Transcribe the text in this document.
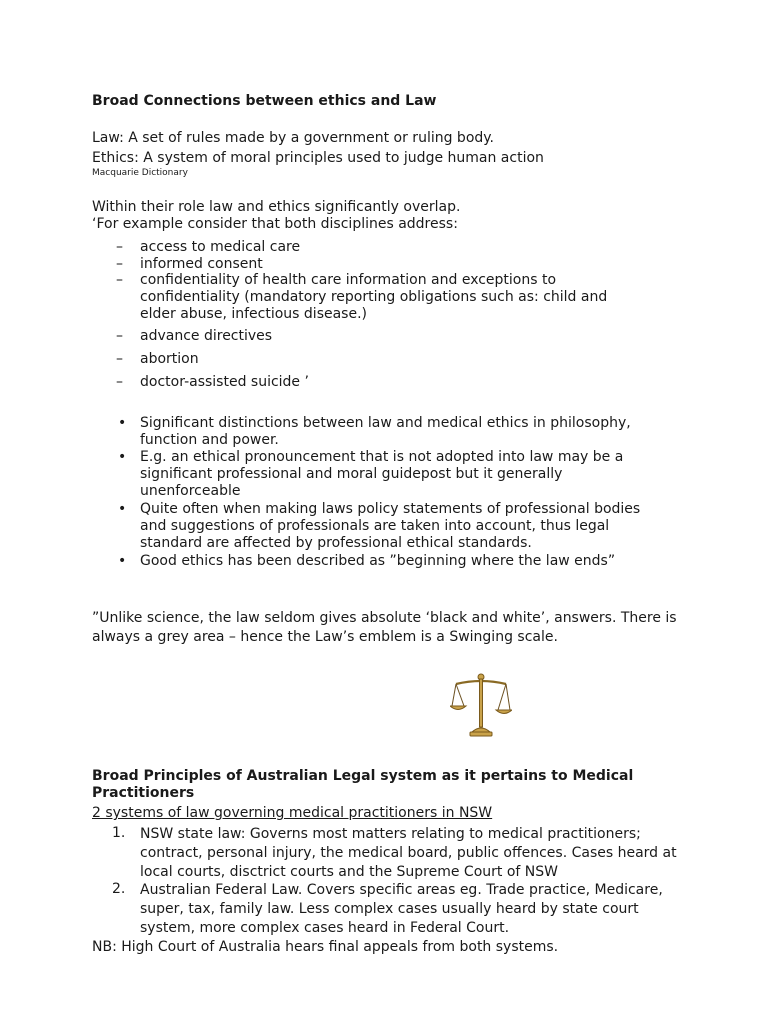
Broad Connections between ethics and Law
Law: A set of rules made by a government or ruling body.
Ethics: A system of moral principles used to judge human action
Macquarie Dictionary
Within their role law and ethics significantly overlap.
‘For example consider that both disciplines address:
– access to medical care
– informed consent
– confidentiality of health care information and exceptions to confidentiality (mandatory reporting obligations such as: child and elder abuse, infectious disease.)
– advance directives
– abortion
– doctor-assisted suicide ’
• Significant distinctions between law and medical ethics in philosophy, function and power.
• E.g. an ethical pronouncement that is not adopted into law may be a significant professional and moral guidepost but it generally unenforceable
• Quite often when making laws policy statements of professional bodies and suggestions of professionals are taken into account, thus legal standard are affected by professional ethical standards.
• Good ethics has been described as ”beginning where the law ends”
”Unlike science, the law seldom gives absolute ‘black and white’, answers. There is always a grey area – hence the Law’s emblem is a Swinging scale.
Broad Principles of Australian Legal system as it pertains to Medical Practitioners
2 systems of law governing medical practitioners in NSW
1. NSW state law: Governs most matters relating to medical practitioners; contract, personal injury, the medical board, public offences. Cases heard at local courts, disctrict courts and the Supreme Court of NSW
2. Australian Federal Law. Covers specific areas eg. Trade practice, Medicare, super, tax, family law. Less complex cases usually heard by state court system, more complex cases heard in Federal Court.
NB: High Court of Australia hears final appeals from both systems.
